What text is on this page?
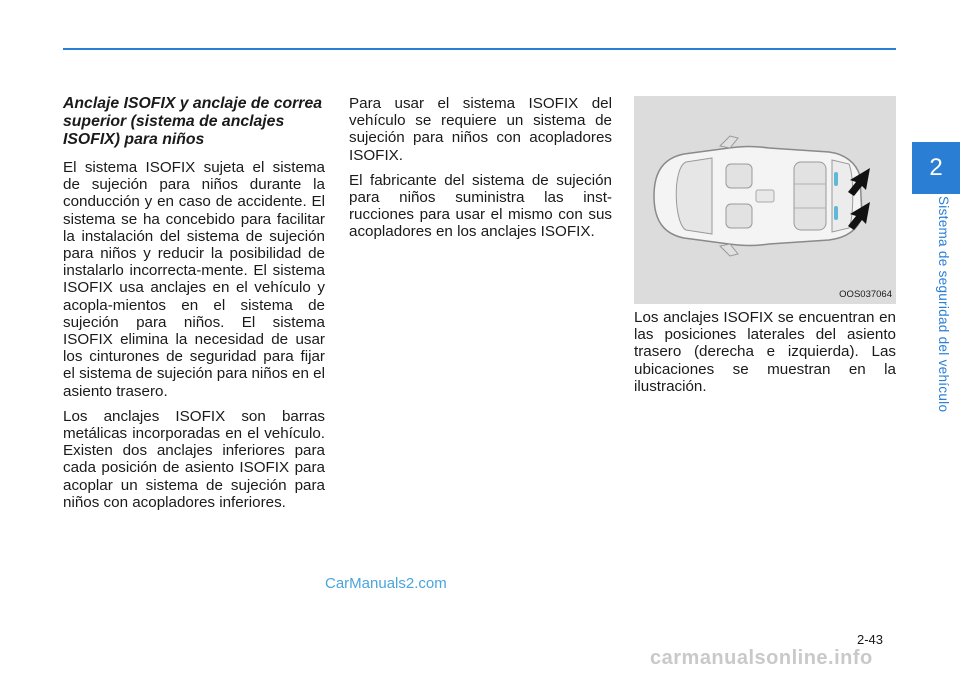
2
Sistema de seguridad del vehículo

Anclaje ISOFIX y anclaje de correa superior (sistema de anclajes ISOFIX) para niños

El sistema ISOFIX sujeta el sistema de sujeción para niños durante la conducción y en caso de accidente. El sistema se ha concebido para facilitar la instalación del sistema de sujeción para niños y reducir la posibilidad de instalarlo incorrecta-mente. El sistema ISOFIX usa anclajes en el vehículo y acopla-mientos en el sistema de sujeción para niños. El sistema ISOFIX elimina la necesidad de usar los cinturones de seguridad para fijar el sistema de sujeción para niños en el asiento trasero.

Los anclajes ISOFIX son barras metálicas incorporadas en el vehículo. Existen dos anclajes inferiores para cada posición de asiento ISOFIX para acoplar un sistema de sujeción para niños con acopladores inferiores.

Para usar el sistema ISOFIX del vehículo se requiere un sistema de sujeción para niños con acopladores ISOFIX.

El fabricante del sistema de sujeción para niños suministra las inst-rucciones para usar el mismo con sus acopladores en los anclajes ISOFIX.

OOS037064

Los anclajes ISOFIX se encuentran en las posiciones laterales del asiento trasero (derecha e izquierda). Las ubicaciones se muestran en la ilustración.

CarManuals2.com
2-43
carmanualsonline.info
